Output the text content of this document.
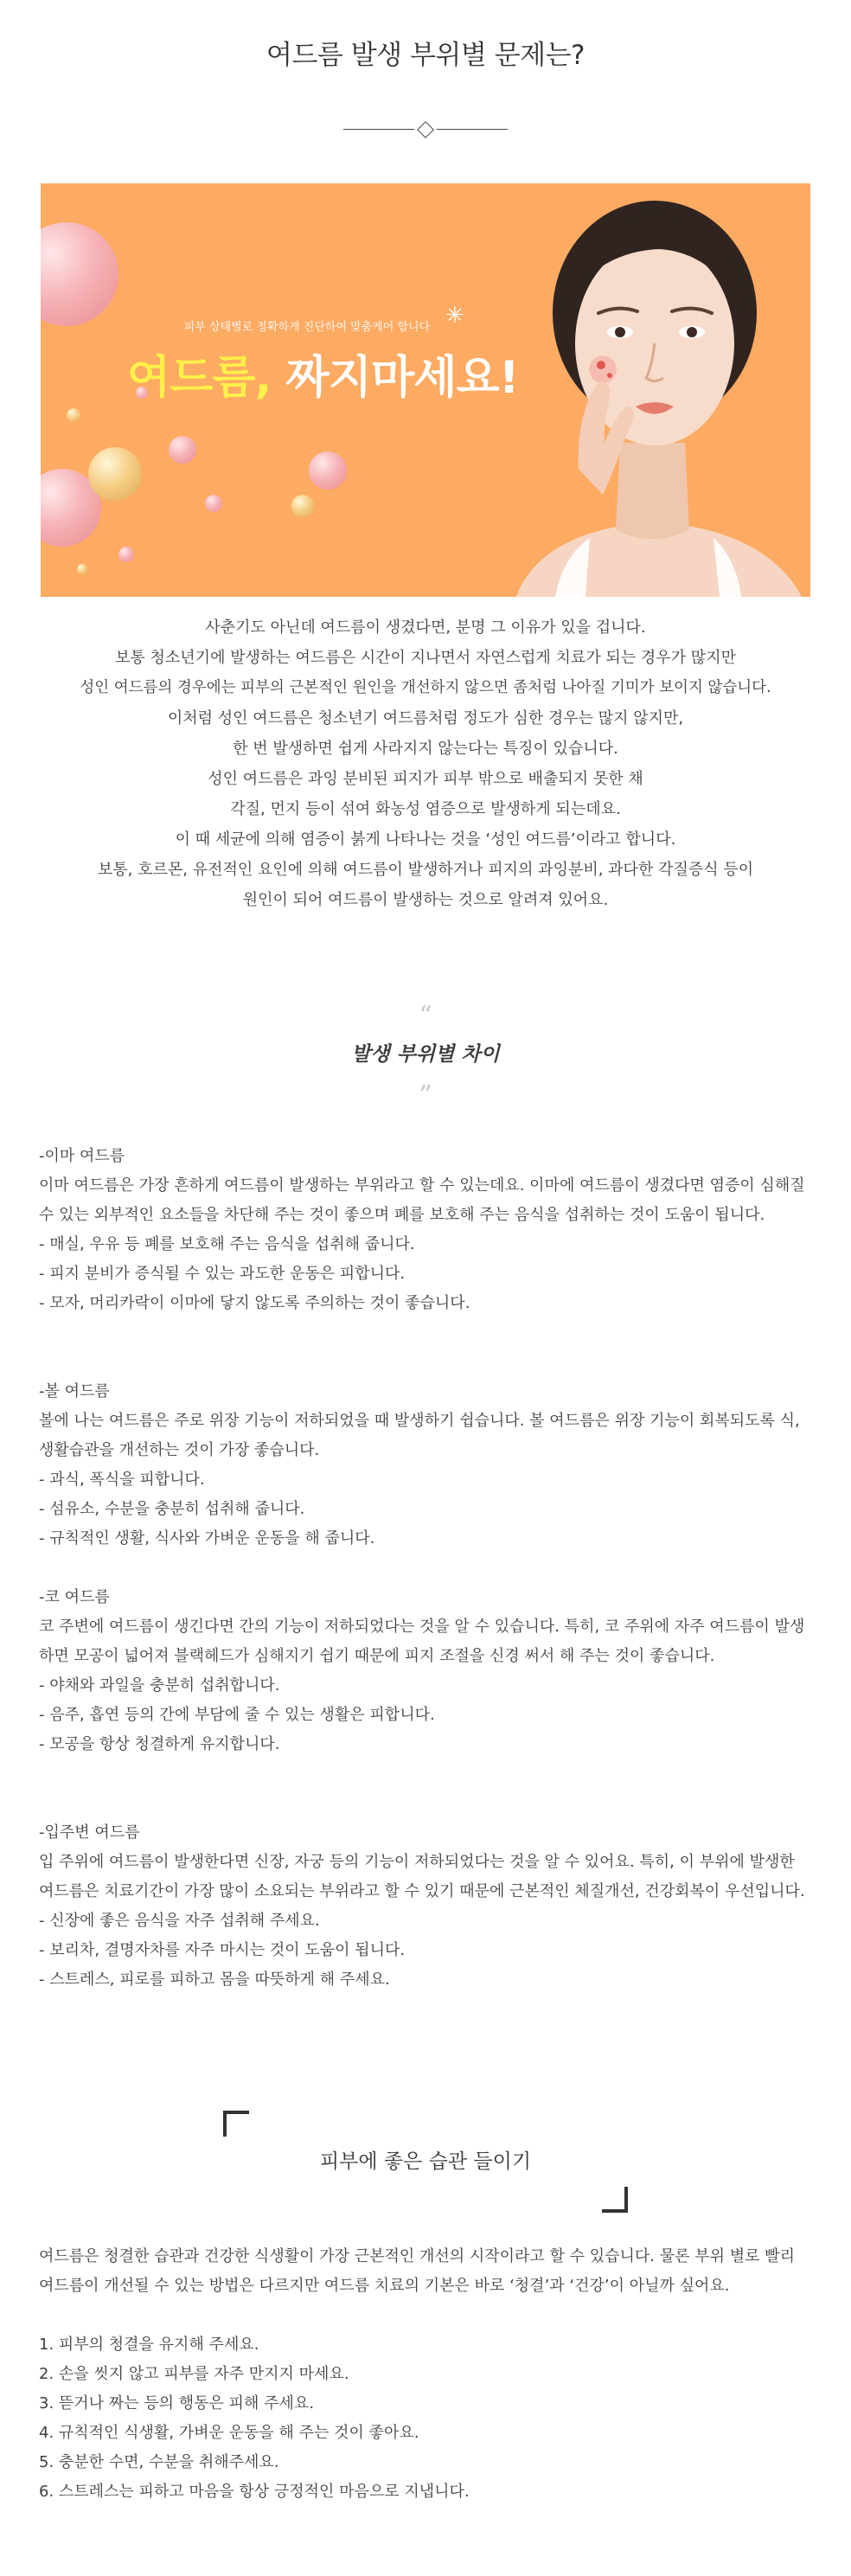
여드름 발생 부위별 문제는?
피부 상태별로 정확하게 진단하여 맞춤케어 합니다 ✳
여드름, 짜지마세요!

사춘기도 아닌데 여드름이 생겼다면, 분명 그 이유가 있을 겁니다.

보통 청소년기에 발생하는 여드름은 시간이 지나면서 자연스럽게 치료가 되는 경우가 많지만

성인 여드름의 경우에는 피부의 근본적인 원인을 개선하지 않으면 좀처럼 나아질 기미가 보이지 않습니다.

이처럼 성인 여드름은 청소년기 여드름처럼 정도가 심한 경우는 많지 않지만,

한 번 발생하면 쉽게 사라지지 않는다는 특징이 있습니다.

성인 여드름은 과잉 분비된 피지가 피부 밖으로 배출되지 못한 채

각질, 먼지 등이 섞여 화농성 염증으로 발생하게 되는데요.

이 때 세균에 의해 염증이 붉게 나타나는 것을 ‘성인 여드름’이라고 합니다.

보통, 호르몬, 유전적인 요인에 의해 여드름이 발생하거나 피지의 과잉분비, 과다한 각질증식 등이

원인이 되어 여드름이 발생하는 것으로 알려져 있어요.

“
발생 부위별 차이
”

-이마 여드름

이마 여드름은 가장 흔하게 여드름이 발생하는 부위라고 할 수 있는데요. 이마에 여드름이 생겼다면 염증이 심해질 수 있는 외부적인 요소들을 차단해 주는 것이 좋으며 폐를 보호해 주는 음식을 섭취하는 것이 도움이 됩니다.

- 매실, 우유 등 폐를 보호해 주는 음식을 섭취해 줍니다.

- 피지 분비가 증식될 수 있는 과도한 운동은 피합니다.

- 모자, 머리카락이 이마에 닿지 않도록 주의하는 것이 좋습니다.

-볼 여드름

볼에 나는 여드름은 주로 위장 기능이 저하되었을 때 발생하기 쉽습니다. 볼 여드름은 위장 기능이 회복되도록 식, 생활습관을 개선하는 것이 가장 좋습니다.

- 과식, 폭식을 피합니다.

- 섬유소, 수분을 충분히 섭취해 줍니다.

- 규칙적인 생활, 식사와 가벼운 운동을 해 줍니다.

-코 여드름

코 주변에 여드름이 생긴다면 간의 기능이 저하되었다는 것을 알 수 있습니다. 특히, 코 주위에 자주 여드름이 발생하면 모공이 넓어져 블랙헤드가 심해지기 쉽기 때문에 피지 조절을 신경 써서 해 주는 것이 좋습니다.

- 야채와 과일을 충분히 섭취합니다.

- 음주, 흡연 등의 간에 부담에 줄 수 있는 생활은 피합니다.

- 모공을 항상 청결하게 유지합니다.

-입주변 여드름

입 주위에 여드름이 발생한다면 신장, 자궁 등의 기능이 저하되었다는 것을 알 수 있어요. 특히, 이 부위에 발생한 여드름은 치료기간이 가장 많이 소요되는 부위라고 할 수 있기 때문에 근본적인 체질개선, 건강회복이 우선입니다.

- 신장에 좋은 음식을 자주 섭취해 주세요.

- 보리차, 결명자차를 자주 마시는 것이 도움이 됩니다.

- 스트레스, 피로를 피하고 몸을 따뜻하게 해 주세요.

피부에 좋은 습관 들이기

여드름은 청결한 습관과 건강한 식생활이 가장 근본적인 개선의 시작이라고 할 수 있습니다. 물론 부위 별로 빨리 여드름이 개선될 수 있는 방법은 다르지만 여드름 치료의 기본은 바로 ‘청결’과 ‘건강’이 아닐까 싶어요.

1. 피부의 청결을 유지해 주세요.

2. 손을 씻지 않고 피부를 자주 만지지 마세요.

3. 뜯거나 짜는 등의 행동은 피해 주세요.

4. 규칙적인 식생활, 가벼운 운동을 해 주는 것이 좋아요.

5. 충분한 수면, 수분을 취해주세요.

6. 스트레스는 피하고 마음을 항상 긍정적인 마음으로 지냅니다.
